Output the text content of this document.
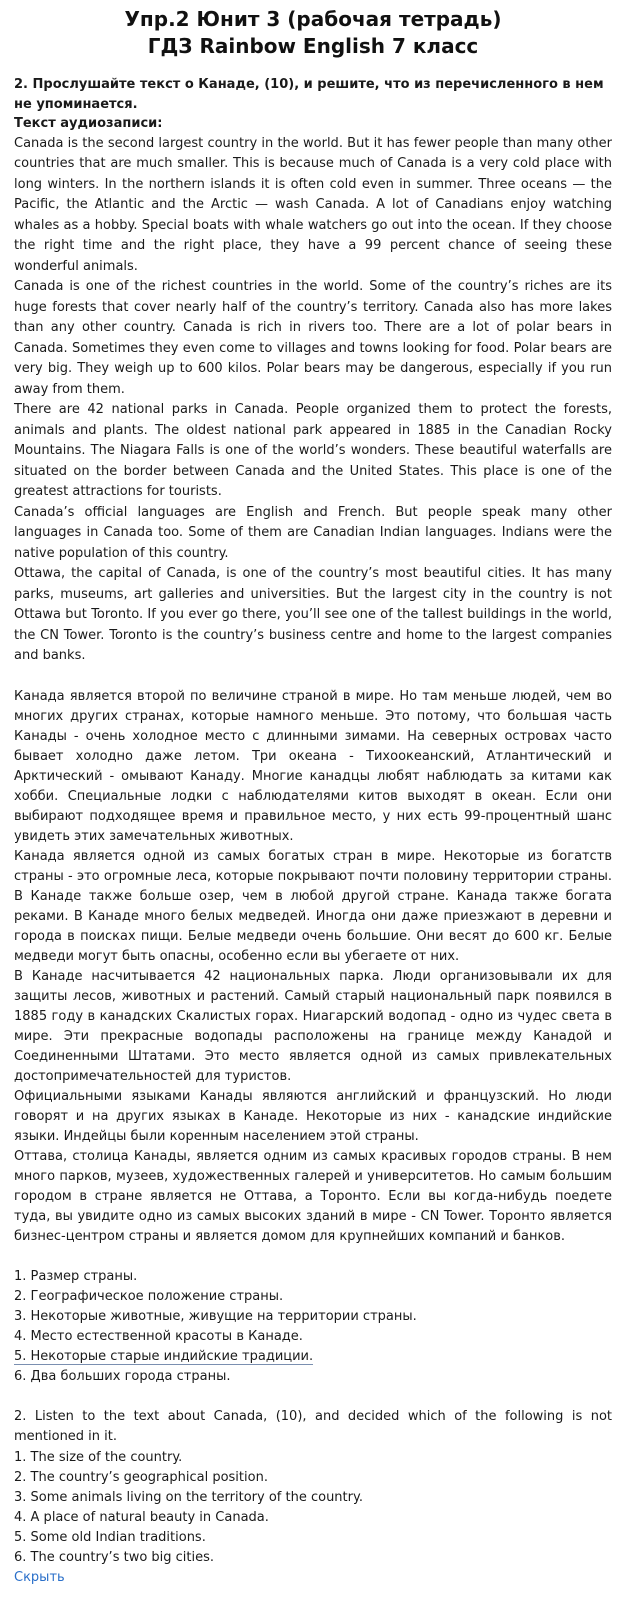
Упр.2 Юнит 3 (рабочая тетрадь)
ГДЗ Rainbow English 7 класс

2. Прослушайте текст о Канаде, (10), и решите, что из перечисленного в нем не упоминается.

Текст аудиозаписи:

Canada is the second largest country in the world. But it has fewer people than many other countries that are much smaller. This is because much of Canada is a very cold place with long winters. In the northern islands it is often cold even in summer. Three oceans — the Pacific, the Atlantic and the Arctic — wash Canada. A lot of Canadians enjoy watching whales as a hobby. Special boats with whale watchers go out into the ocean. If they choose the right time and the right place, they have a 99 percent chance of seeing these wonderful animals.

Canada is one of the richest countries in the world. Some of the country’s riches are its huge forests that cover nearly half of the country’s territory. Canada also has more lakes than any other country. Canada is rich in rivers too. There are a lot of polar bears in Canada. Sometimes they even come to villages and towns looking for food. Polar bears are very big. They weigh up to 600 kilos. Polar bears may be dangerous, especially if you run away from them.

There are 42 national parks in Canada. People organized them to protect the forests, animals and plants. The oldest national park appeared in 1885 in the Canadian Rocky Mountains. The Niagara Falls is one of the world’s wonders. These beautiful waterfalls are situated on the border between Canada and the United States. This place is one of the greatest attractions for tourists.

Canada’s official languages are English and French. But people speak many other languages in Canada too. Some of them are Canadian Indian languages. Indians were the native population of this country.

Ottawa, the capital of Canada, is one of the country’s most beautiful cities. It has many parks, museums, art galleries and universities. But the largest city in the country is not Ottawa but Toronto. If you ever go there, you’ll see one of the tallest buildings in the world, the CN Tower. Toronto is the country’s business centre and home to the largest companies and banks.

Канада является второй по величине страной в мире. Но там меньше людей, чем во многих других странах, которые намного меньше. Это потому, что большая часть Канады - очень холодное место с длинными зимами. На северных островах часто бывает холодно даже летом. Три океана - Тихоокеанский, Атлантический и Арктический - омывают Канаду. Многие канадцы любят наблюдать за китами как хобби. Специальные лодки с наблюдателями китов выходят в океан. Если они выбирают подходящее время и правильное место, у них есть 99-процентный шанс увидеть этих замечательных животных.

Канада является одной из самых богатых стран в мире. Некоторые из богатств страны - это огромные леса, которые покрывают почти половину территории страны. В Канаде также больше озер, чем в любой другой стране. Канада также богата реками. В Канаде много белых медведей. Иногда они даже приезжают в деревни и города в поисках пищи. Белые медведи очень большие. Они весят до 600 кг. Белые медведи могут быть опасны, особенно если вы убегаете от них.

В Канаде насчитывается 42 национальных парка. Люди организовывали их для защиты лесов, животных и растений. Самый старый национальный парк появился в 1885 году в канадских Скалистых горах. Ниагарский водопад - одно из чудес света в мире. Эти прекрасные водопады расположены на границе между Канадой и Соединенными Штатами. Это место является одной из самых привлекательных достопримечательностей для туристов.

Официальными языками Канады являются английский и французский. Но люди говорят и на других языках в Канаде. Некоторые из них - канадские индийские языки. Индейцы были коренным населением этой страны.

Оттава, столица Канады, является одним из самых красивых городов страны. В нем много парков, музеев, художественных галерей и университетов. Но самым большим городом в стране является не Оттава, а Торонто. Если вы когда-нибудь поедете туда, вы увидите одно из самых высоких зданий в мире - CN Tower. Торонто является бизнес-центром страны и является домом для крупнейших компаний и банков.

1. Размер страны.
2. Географическое положение страны.
3. Некоторые животные, живущие на территории страны.
4. Место естественной красоты в Канаде.
5. Некоторые старые индийские традиции.
6. Два больших города страны.

2. Listen to the text about Canada, (10), and decided which of the following is not mentioned in it.

1. The size of the country.
2. The country’s geographical position.
3. Some animals living on the territory of the country.
4. A place of natural beauty in Canada.
5. Some old Indian traditions.
6. The country’s two big cities.

Скрыть
